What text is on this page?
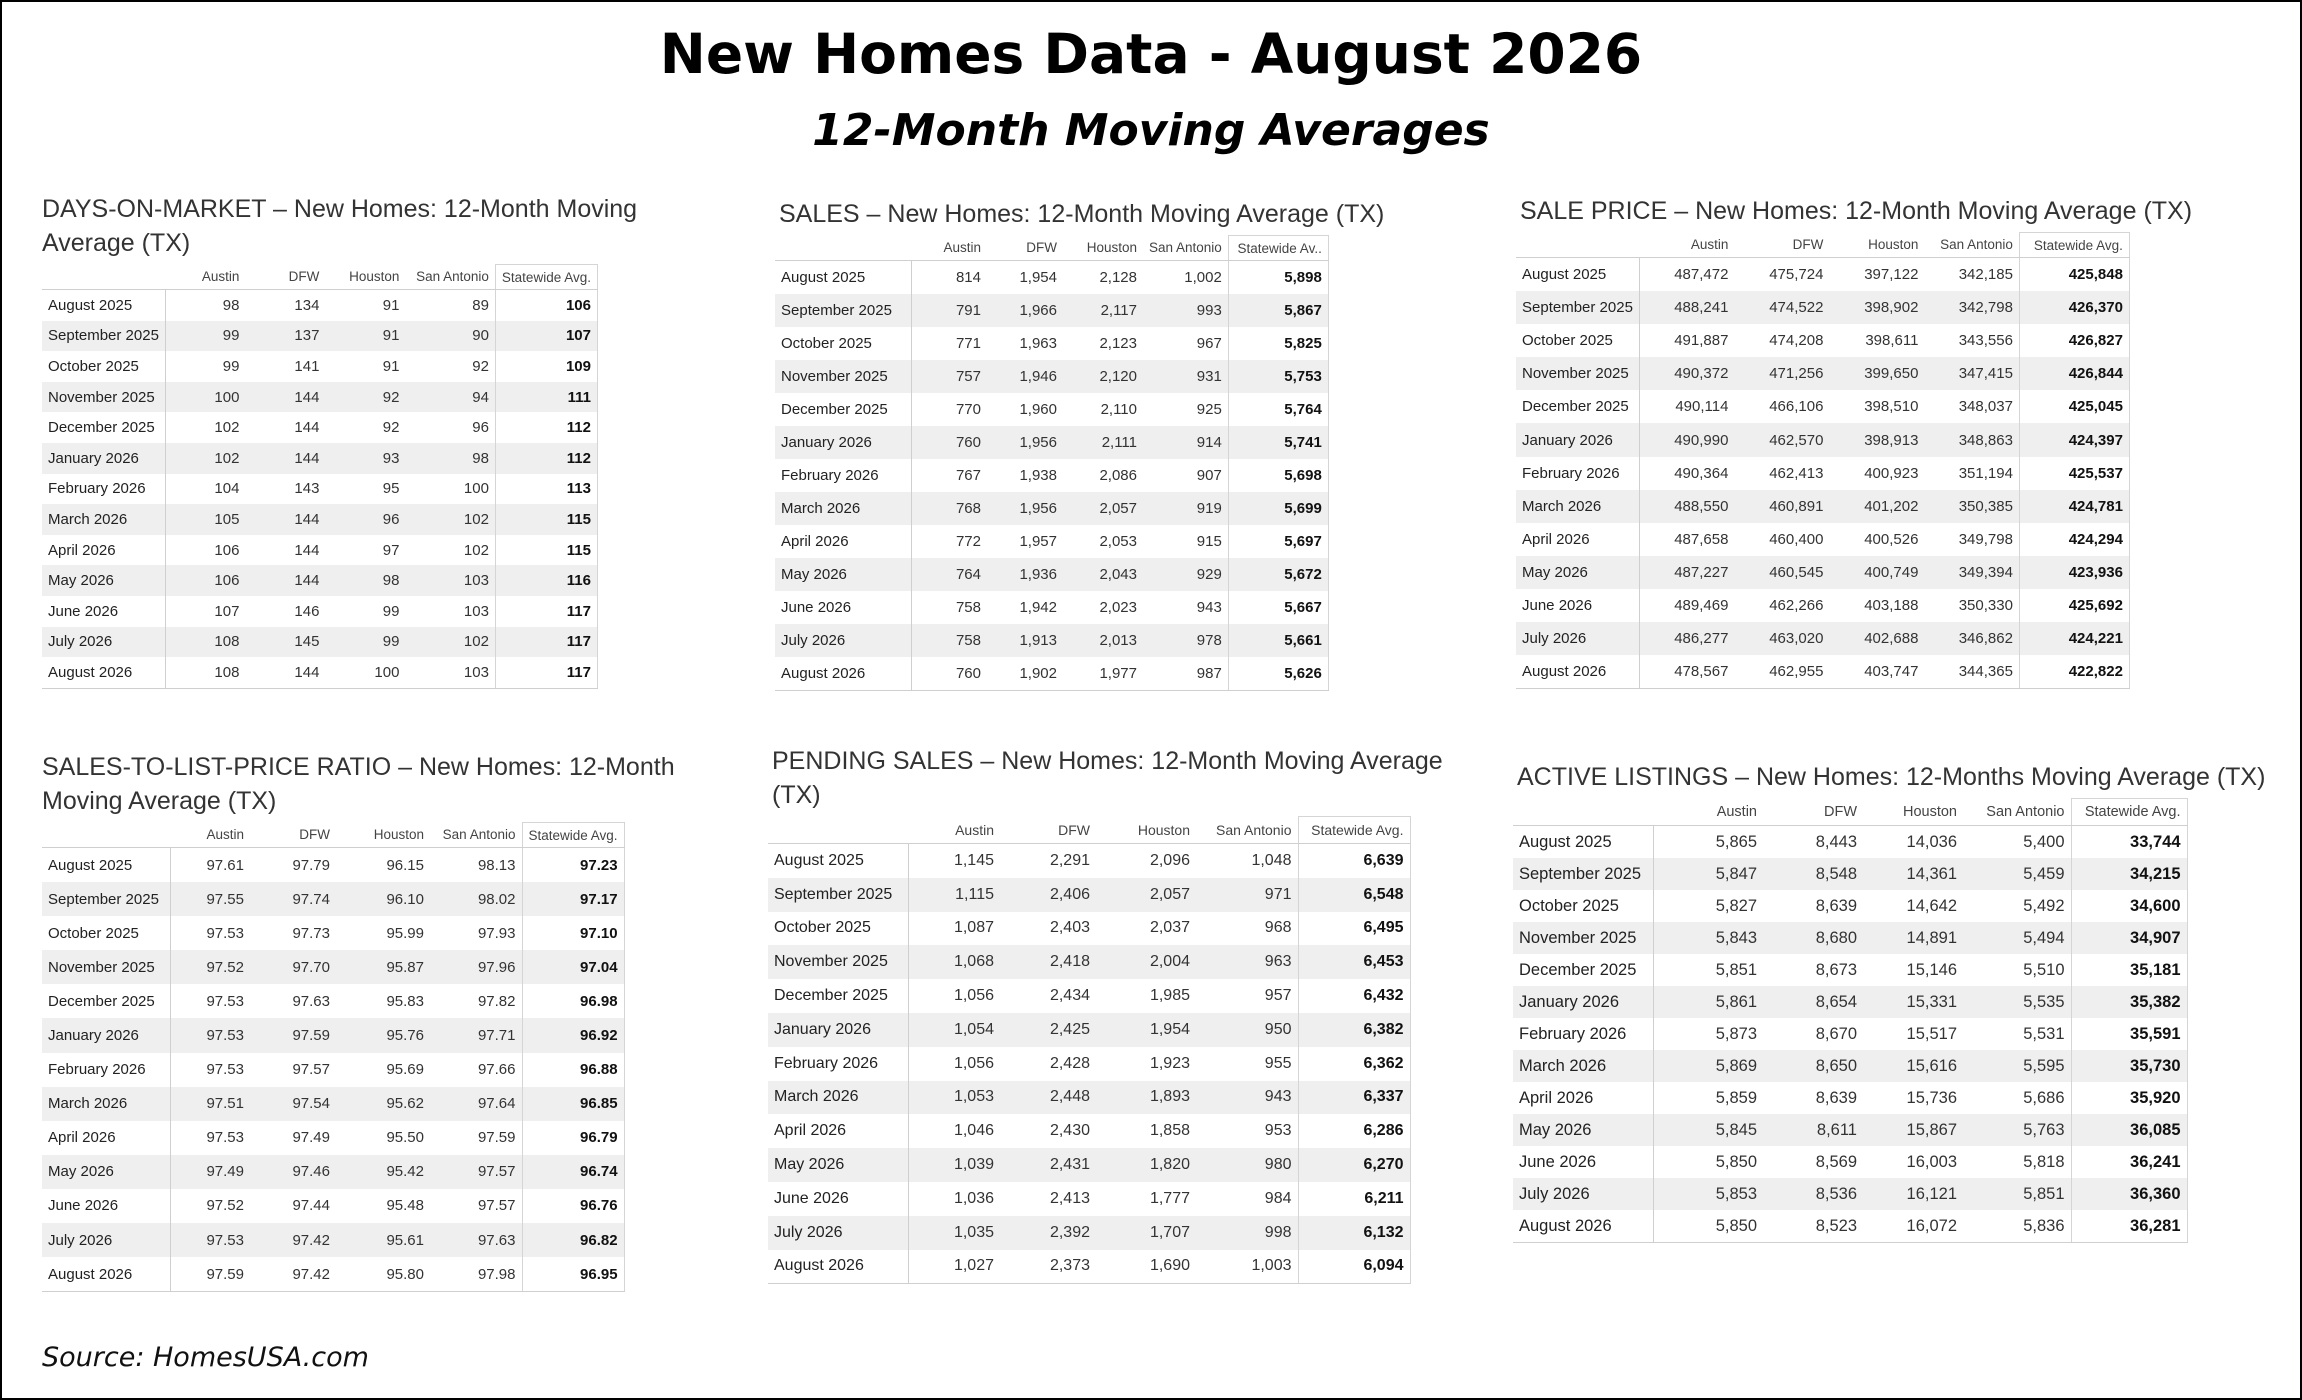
New Homes Data - August 2026
12-Month Moving Averages
DAYS-ON-MARKET – New Homes: 12-Month Moving Average (TX)
	Austin	DFW	Houston	San Antonio	Statewide Avg.
August 2025	98	134	91	89	106
September 2025	99	137	91	90	107
October 2025	99	141	91	92	109
November 2025	100	144	92	94	111
December 2025	102	144	92	96	112
January 2026	102	144	93	98	112
February 2026	104	143	95	100	113
March 2026	105	144	96	102	115
April 2026	106	144	97	102	115
May 2026	106	144	98	103	116
June 2026	107	146	99	103	117
July 2026	108	145	99	102	117
August 2026	108	144	100	103	117
SALES – New Homes: 12-Month Moving Average (TX)
	Austin	DFW	Houston	San Antonio	Statewide Av..
August 2025	814	1,954	2,128	1,002	5,898
September 2025	791	1,966	2,117	993	5,867
October 2025	771	1,963	2,123	967	5,825
November 2025	757	1,946	2,120	931	5,753
December 2025	770	1,960	2,110	925	5,764
January 2026	760	1,956	2,111	914	5,741
February 2026	767	1,938	2,086	907	5,698
March 2026	768	1,956	2,057	919	5,699
April 2026	772	1,957	2,053	915	5,697
May 2026	764	1,936	2,043	929	5,672
June 2026	758	1,942	2,023	943	5,667
July 2026	758	1,913	2,013	978	5,661
August 2026	760	1,902	1,977	987	5,626
SALE PRICE – New Homes: 12-Month Moving Average (TX)
	Austin	DFW	Houston	San Antonio	Statewide Avg.
August 2025	487,472	475,724	397,122	342,185	425,848
September 2025	488,241	474,522	398,902	342,798	426,370
October 2025	491,887	474,208	398,611	343,556	426,827
November 2025	490,372	471,256	399,650	347,415	426,844
December 2025	490,114	466,106	398,510	348,037	425,045
January 2026	490,990	462,570	398,913	348,863	424,397
February 2026	490,364	462,413	400,923	351,194	425,537
March 2026	488,550	460,891	401,202	350,385	424,781
April 2026	487,658	460,400	400,526	349,798	424,294
May 2026	487,227	460,545	400,749	349,394	423,936
June 2026	489,469	462,266	403,188	350,330	425,692
July 2026	486,277	463,020	402,688	346,862	424,221
August 2026	478,567	462,955	403,747	344,365	422,822
SALES-TO-LIST-PRICE RATIO – New Homes: 12-Month Moving Average (TX)
	Austin	DFW	Houston	San Antonio	Statewide Avg.
August 2025	97.61	97.79	96.15	98.13	97.23
September 2025	97.55	97.74	96.10	98.02	97.17
October 2025	97.53	97.73	95.99	97.93	97.10
November 2025	97.52	97.70	95.87	97.96	97.04
December 2025	97.53	97.63	95.83	97.82	96.98
January 2026	97.53	97.59	95.76	97.71	96.92
February 2026	97.53	97.57	95.69	97.66	96.88
March 2026	97.51	97.54	95.62	97.64	96.85
April 2026	97.53	97.49	95.50	97.59	96.79
May 2026	97.49	97.46	95.42	97.57	96.74
June 2026	97.52	97.44	95.48	97.57	96.76
July 2026	97.53	97.42	95.61	97.63	96.82
August 2026	97.59	97.42	95.80	97.98	96.95
PENDING SALES – New Homes: 12-Month Moving Average (TX)
	Austin	DFW	Houston	San Antonio	Statewide Avg.
August 2025	1,145	2,291	2,096	1,048	6,639
September 2025	1,115	2,406	2,057	971	6,548
October 2025	1,087	2,403	2,037	968	6,495
November 2025	1,068	2,418	2,004	963	6,453
December 2025	1,056	2,434	1,985	957	6,432
January 2026	1,054	2,425	1,954	950	6,382
February 2026	1,056	2,428	1,923	955	6,362
March 2026	1,053	2,448	1,893	943	6,337
April 2026	1,046	2,430	1,858	953	6,286
May 2026	1,039	2,431	1,820	980	6,270
June 2026	1,036	2,413	1,777	984	6,211
July 2026	1,035	2,392	1,707	998	6,132
August 2026	1,027	2,373	1,690	1,003	6,094
ACTIVE LISTINGS – New Homes: 12-Months Moving Average (TX)
	Austin	DFW	Houston	San Antonio	Statewide Avg.
August 2025	5,865	8,443	14,036	5,400	33,744
September 2025	5,847	8,548	14,361	5,459	34,215
October 2025	5,827	8,639	14,642	5,492	34,600
November 2025	5,843	8,680	14,891	5,494	34,907
December 2025	5,851	8,673	15,146	5,510	35,181
January 2026	5,861	8,654	15,331	5,535	35,382
February 2026	5,873	8,670	15,517	5,531	35,591
March 2026	5,869	8,650	15,616	5,595	35,730
April 2026	5,859	8,639	15,736	5,686	35,920
May 2026	5,845	8,611	15,867	5,763	36,085
June 2026	5,850	8,569	16,003	5,818	36,241
July 2026	5,853	8,536	16,121	5,851	36,360
August 2026	5,850	8,523	16,072	5,836	36,281
Source: HomesUSA.com
